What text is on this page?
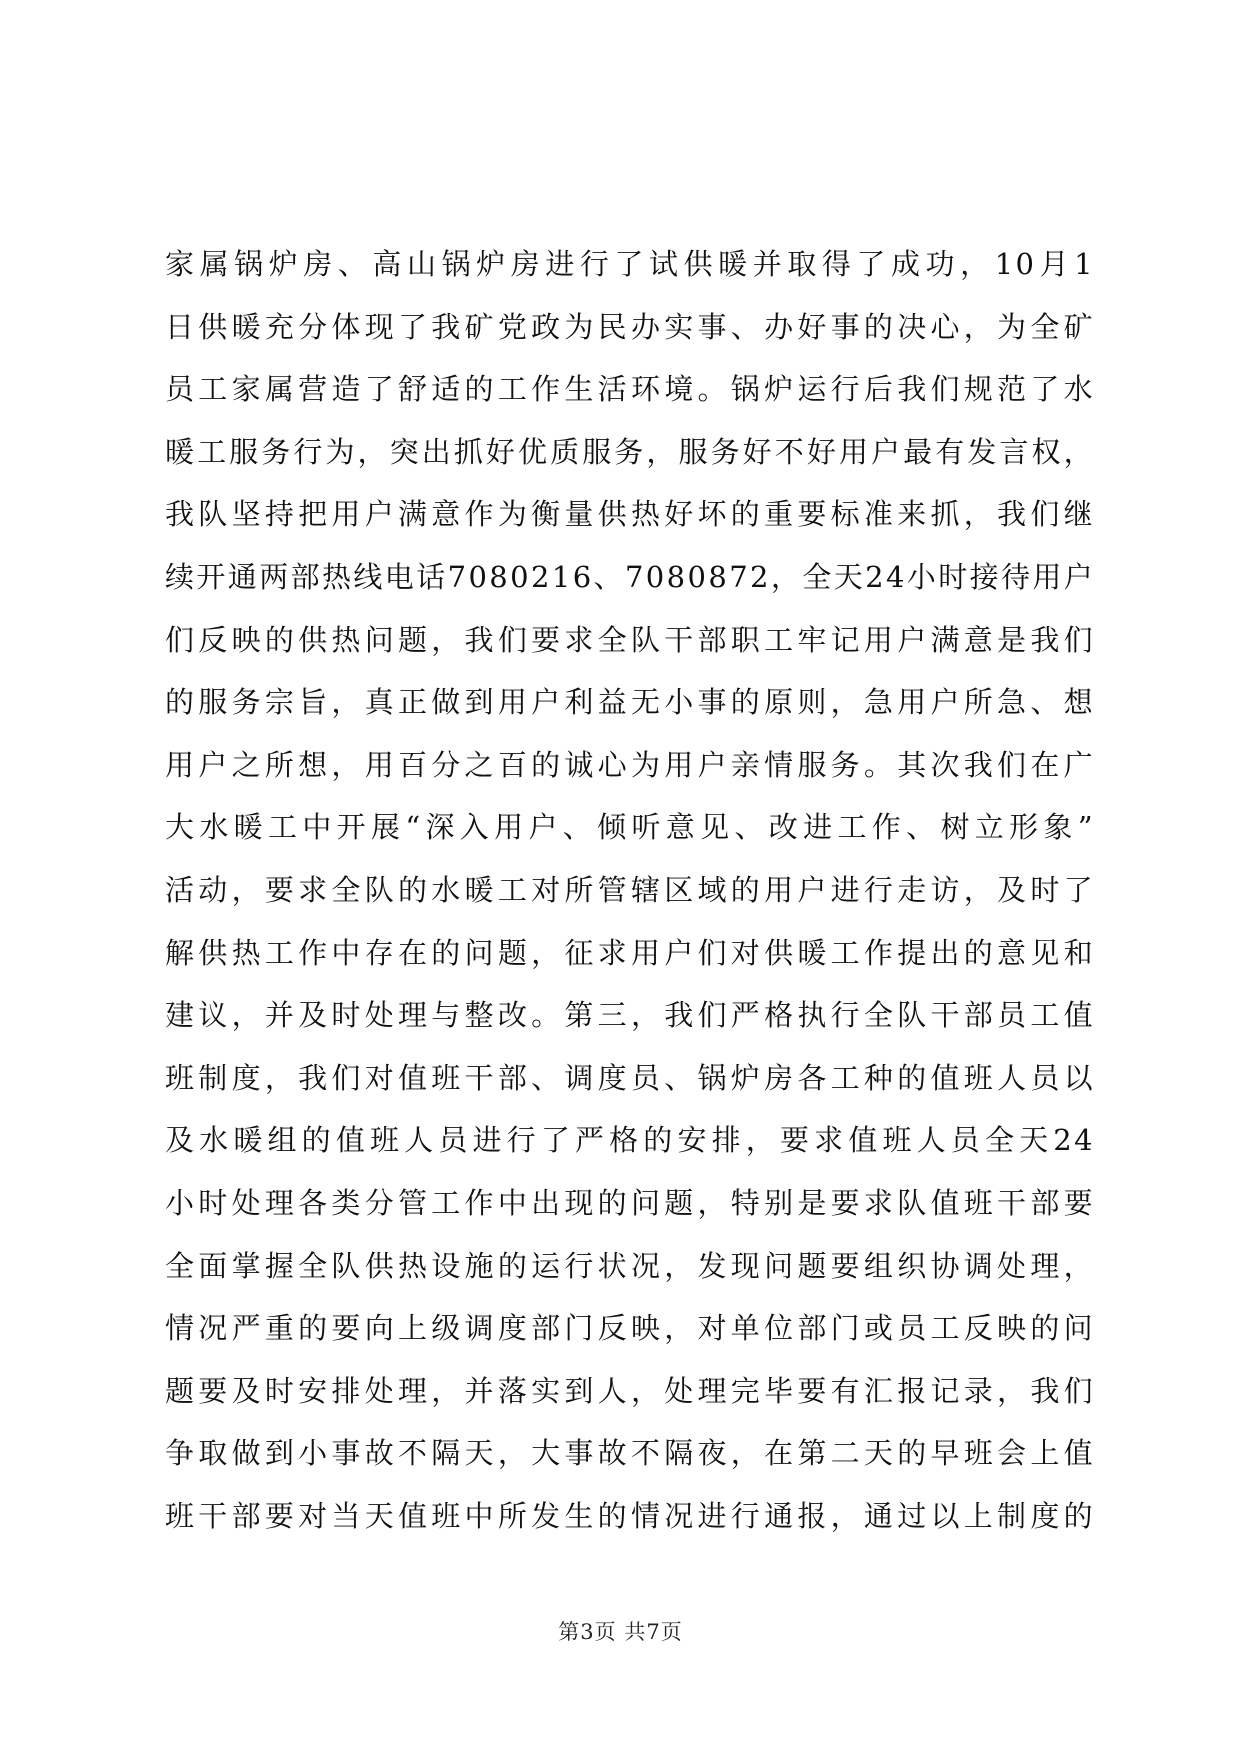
家属锅炉房、高山锅炉房进行了试供暖并取得了成功，10月1
日供暖充分体现了我矿党政为民办实事、办好事的决心，为全矿
员工家属营造了舒适的工作生活环境。锅炉运行后我们规范了水
暖工服务行为，突出抓好优质服务，服务好不好用户最有发言权，
我队坚持把用户满意作为衡量供热好坏的重要标准来抓，我们继
续开通两部热线电话7080216、7080872，全天24小时接待用户
们反映的供热问题，我们要求全队干部职工牢记用户满意是我们
的服务宗旨，真正做到用户利益无小事的原则，急用户所急、想
用户之所想，用百分之百的诚心为用户亲情服务。其次我们在广
大水暖工中开展“深入用户、倾听意见、改进工作、树立形象”
活动，要求全队的水暖工对所管辖区域的用户进行走访，及时了
解供热工作中存在的问题，征求用户们对供暖工作提出的意见和
建议，并及时处理与整改。第三，我们严格执行全队干部员工值
班制度，我们对值班干部、调度员、锅炉房各工种的值班人员以
及水暖组的值班人员进行了严格的安排，要求值班人员全天24
小时处理各类分管工作中出现的问题，特别是要求队值班干部要
全面掌握全队供热设施的运行状况，发现问题要组织协调处理，
情况严重的要向上级调度部门反映，对单位部门或员工反映的问
题要及时安排处理，并落实到人，处理完毕要有汇报记录，我们
争取做到小事故不隔天，大事故不隔夜，在第二天的早班会上值
班干部要对当天值班中所发生的情况进行通报，通过以上制度的
第3页 共7页
